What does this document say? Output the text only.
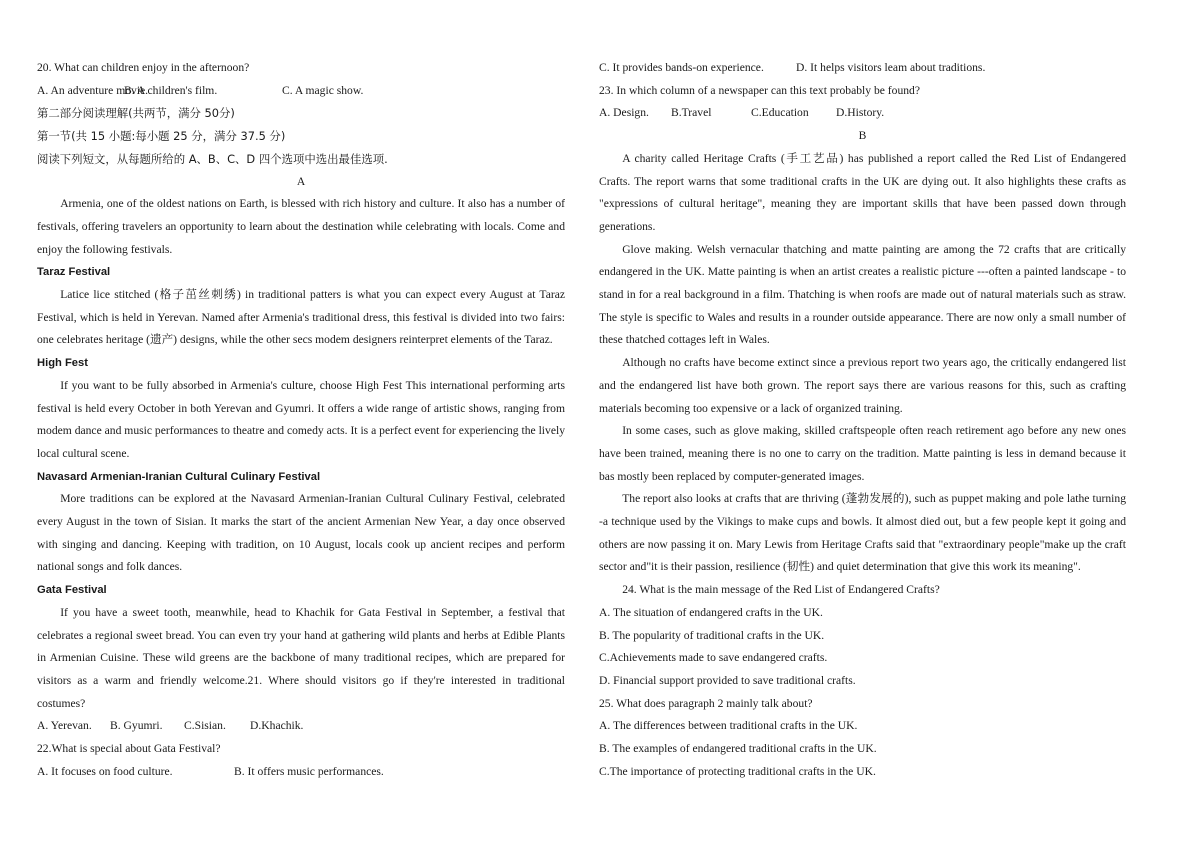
20. What can children enjoy in the afternoon?

A. An adventure movie.
B. A children's film.	C. A magic show.

第二部分阅读理解(共两节，满分 50分)

第一节(共 15 小题:每小题 25 分，满分 37.5 分)

阅读下列短文，从每题所给的 A、B、C、D 四个选项中选出最佳选项.

A

Armenia, one of the oldest nations on Earth, is blessed with rich history and culture. It also has a number of festivals, offering travelers an opportunity to learn about the destination while celebrating with locals. Come and enjoy the following festivals.

Taraz Festival

Latice lice stitched (格子茁丝刺绣) in traditional patters is what you can expect every August at Taraz Festival, which is held in Yerevan. Named after Armenia's traditional dress, this festival is divided into two fairs: one celebrates heritage (遗产) designs, while the other secs modem designers reinterpret elements of the Taraz.

High Fest

If you want to be fully absorbed in Armenia's culture, choose High Fest This international performing arts festival is held every October in both Yerevan and Gyumri. It offers a wide range of artistic shows, ranging from modem dance and music performances to theatre and comedy acts. It is a perfect event for experiencing the lively local cultural scene.

Navasard Armenian-Iranian Cultural Culinary Festival

More traditions can be explored at the Navasard Armenian-Iranian Cultural Culinary Festival, celebrated every August in the town of Sisian. It marks the start of the ancient Armenian New Year, a day once observed with singing and dancing. Keeping with tradition, on 10 August, locals cook up ancient recipes and perform national songs and folk dances.

Gata Festival

If you have a sweet tooth, meanwhile, head to Khachik for Gata Festival in September, a festival that celebrates a regional sweet bread. You can even try your hand at gathering wild plants and herbs at Edible Plants in Armenian Cuisine. These wild greens are the backbone of many traditional recipes, which are prepared for visitors as a warm and friendly welcome.21. Where should visitors go if they're interested in traditional costumes?

A. Yerevan.	B. Gyumri.	C.Sisian.	D.Khachik.

22.What is special about Gata Festival?

A. It focuses on food culture.	B. It offers music performances.
C. It provides bands-on experience.	D. It helps visitors leam about traditions.

23. In which column of a newspaper can this text probably be found?

A. Design.	B.Travel	C.Education	D.History.

B

A charity called Heritage Crafts (手工艺品) has published a report called the Red List of Endangered Crafts. The report warns that some traditional crafts in the UK are dying out. It also highlights these crafts as "expressions of cultural heritage", meaning they are important skills that have been passed down through generations.

Glove making. Welsh vernacular thatching and matte painting are among the 72 crafts that are critically endangered in the UK. Matte painting is when an artist creates a realistic picture ---often a painted landscape - to stand in for a real background in a film. Thatching is when roofs are made out of natural materials such as straw. The style is specific to Wales and results in a rounder outside appearance. There are now only a small number of these thatched cottages left in Wales.

Although no crafts have become extinct since a previous report two years ago, the critically endangered list and the endangered list have both grown. The report says there are various reasons for this, such as crafting materials becoming too expensive or a lack of organized training.

In some cases, such as glove making, skilled craftspeople often reach retirement ago before any new ones have been trained, meaning there is no one to carry on the tradition. Matte painting is less in demand because it bas mostly been replaced by computer-generated images.

The report also looks at crafts that are thriving (蓬勃发展的), such as puppet making and pole lathe turning -a technique used by the Vikings to make cups and bowls. It almost died out, but a few people kept it going and others are now passing it on. Mary Lewis from Heritage Crafts said that "extraordinary people"make up the craft sector and"it is their passion, resilience (韧性) and quiet determination that give this work its meaning".

24. What is the main message of the Red List of Endangered Crafts?

A. The situation of endangered crafts in the UK.

B. The popularity of traditional crafts in the UK.

C.Achievements made to save endangered crafts.

D. Financial support provided to save traditional crafts.

25. What does paragraph 2 mainly talk about?

A. The differences between traditional crafts in the UK.

B. The examples of endangered traditional crafts in the UK.

C.The importance of protecting traditional crafts in the UK.
